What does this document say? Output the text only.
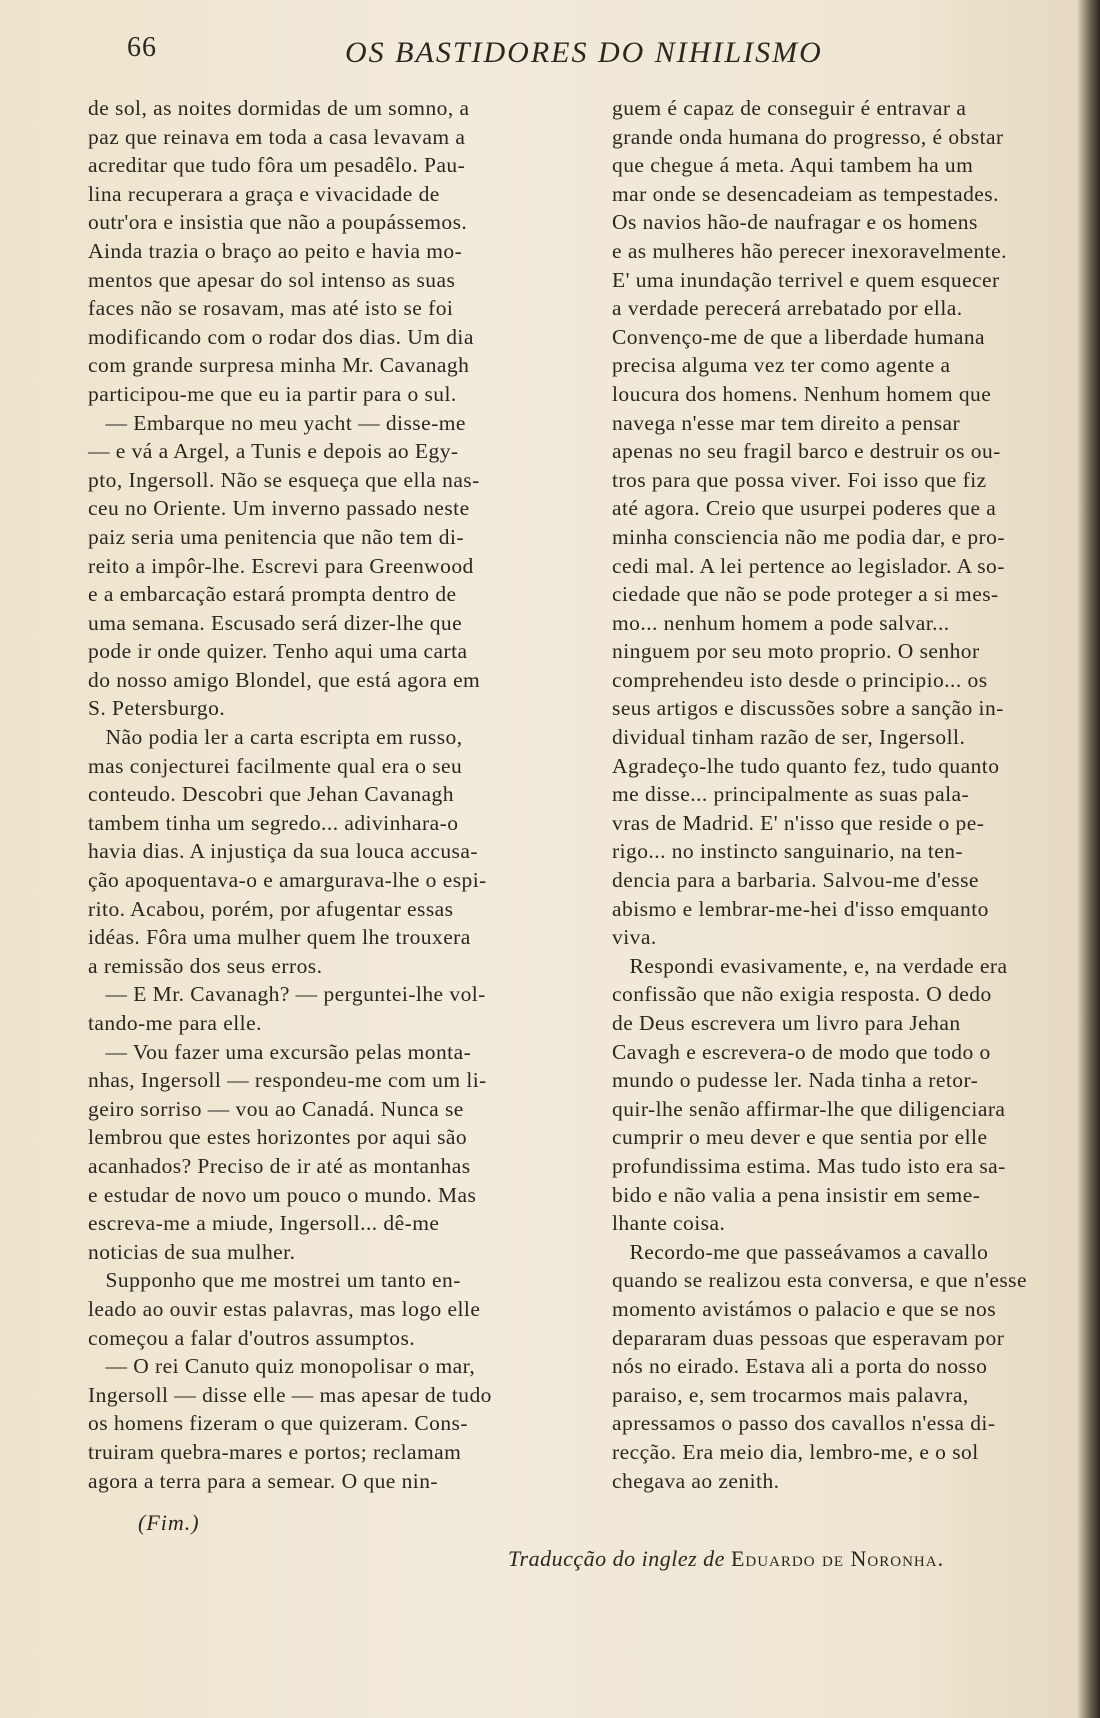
66	OS BASTIDORES DO NIHILISMO
de sol, as noites dormidas de um somno, a
paz que reinava em toda a casa levavam a
acreditar que tudo fôra um pesadêlo. Pau-
lina recuperara a graça e vivacidade de
outr'ora e insistia que não a poupássemos.
Ainda trazia o braço ao peito e havia mo-
mentos que apesar do sol intenso as suas
faces não se rosavam, mas até isto se foi
modificando com o rodar dos dias. Um dia
com grande surpresa minha Mr. Cavanagh
participou-me que eu ia partir para o sul.
— Embarque no meu yacht — disse-me
— e vá a Argel, a Tunis e depois ao Egy-
pto, Ingersoll. Não se esqueça que ella nas-
ceu no Oriente. Um inverno passado neste
paiz seria uma penitencia que não tem di-
reito a impôr-lhe. Escrevi para Greenwood
e a embarcação estará prompta dentro de
uma semana. Escusado será dizer-lhe que
pode ir onde quizer. Tenho aqui uma carta
do nosso amigo Blondel, que está agora em
S. Petersburgo.
Não podia ler a carta escripta em russo,
mas conjecturei facilmente qual era o seu
conteudo. Descobri que Jehan Cavanagh
tambem tinha um segredo... adivinhara-o
havia dias. A injustiça da sua louca accusa-
ção apoquentava-o e amargurava-lhe o espi-
rito. Acabou, porém, por afugentar essas
idéas. Fôra uma mulher quem lhe trouxera
a remissão dos seus erros.
— E Mr. Cavanagh? — perguntei-lhe vol-
tando-me para elle.
— Vou fazer uma excursão pelas monta-
nhas, Ingersoll — respondeu-me com um li-
geiro sorriso — vou ao Canadá. Nunca se
lembrou que estes horizontes por aqui são
acanhados? Preciso de ir até as montanhas
e estudar de novo um pouco o mundo. Mas
escreva-me a miude, Ingersoll... dê-me
noticias de sua mulher.
Supponho que me mostrei um tanto en-
leado ao ouvir estas palavras, mas logo elle
começou a falar d'outros assumptos.
— O rei Canuto quiz monopolisar o mar,
Ingersoll — disse elle — mas apesar de tudo
os homens fizeram o que quizeram. Cons-
truiram quebra-mares e portos; reclamam
agora a terra para a semear. O que nin-
guem é capaz de conseguir é entravar a
grande onda humana do progresso, é obstar
que chegue á meta. Aqui tambem ha um
mar onde se desencadeiam as tempestades.
Os navios hão-de naufragar e os homens
e as mulheres hão perecer inexoravelmente.
E' uma inundação terrivel e quem esquecer
a verdade perecerá arrebatado por ella.
Convenço-me de que a liberdade humana
precisa alguma vez ter como agente a
loucura dos homens. Nenhum homem que
navega n'esse mar tem direito a pensar
apenas no seu fragil barco e destruir os ou-
tros para que possa viver. Foi isso que fiz
até agora. Creio que usurpei poderes que a
minha consciencia não me podia dar, e pro-
cedi mal. A lei pertence ao legislador. A so-
ciedade que não se pode proteger a si mes-
mo... nenhum homem a pode salvar...
ninguem por seu moto proprio. O senhor
comprehendeu isto desde o principio... os
seus artigos e discussões sobre a sanção in-
dividual tinham razão de ser, Ingersoll.
Agradeço-lhe tudo quanto fez, tudo quanto
me disse... principalmente as suas pala-
vras de Madrid. E' n'isso que reside o pe-
rigo... no instincto sanguinario, na ten-
dencia para a barbaria. Salvou-me d'esse
abismo e lembrar-me-hei d'isso emquanto
viva.
Respondi evasivamente, e, na verdade era
confissão que não exigia resposta. O dedo
de Deus escrevera um livro para Jehan
Cavagh e escrevera-o de modo que todo o
mundo o pudesse ler. Nada tinha a retor-
quir-lhe senão affirmar-lhe que diligenciara
cumprir o meu dever e que sentia por elle
profundissima estima. Mas tudo isto era sa-
bido e não valia a pena insistir em seme-
lhante coisa.
Recordo-me que passeávamos a cavallo
quando se realizou esta conversa, e que n'esse
momento avistámos o palacio e que se nos
depararam duas pessoas que esperavam por
nós no eirado. Estava ali a porta do nosso
paraiso, e, sem trocarmos mais palavra,
apressamos o passo dos cavallos n'essa di-
recção. Era meio dia, lembro-me, e o sol
chegava ao zenith.
(Fim.)
Traducção do inglez de Eduardo de Noronha.
